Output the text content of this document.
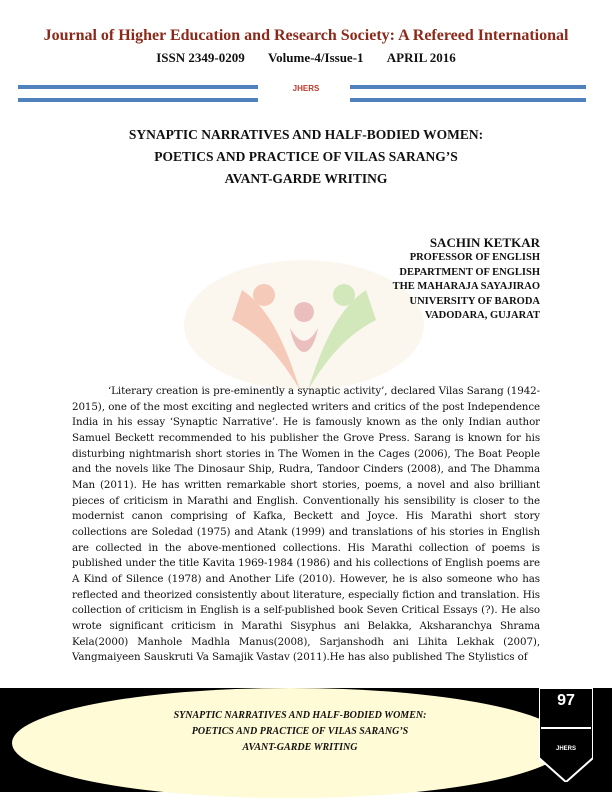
Journal of Higher Education and Research Society: A Refereed International
ISSN 2349-0209 Volume-4/Issue-1 APRIL 2016
JHERS
SYNAPTIC NARRATIVES AND HALF-BODIED WOMEN:
POETICS AND PRACTICE OF VILAS SARANG’S
AVANT-GARDE WRITING
SACHIN KETKAR
PROFESSOR OF ENGLISH
DEPARTMENT OF ENGLISH
THE MAHARAJA SAYAJIRAO
UNIVERSITY OF BARODA
VADODARA, GUJARAT

‘Literary creation is pre-eminently a synaptic activity’, declared Vilas Sarang (1942-2015), one of the most exciting and neglected writers and critics of the post Independence India in his essay ‘Synaptic Narrative’. He is famously known as the only Indian author Samuel Beckett recommended to his publisher the Grove Press. Sarang is known for his disturbing nightmarish short stories in The Women in the Cages (2006), The Boat People and the novels like The Dinosaur Ship, Rudra, Tandoor Cinders (2008), and The Dhamma Man (2011). He has written remarkable short stories, poems, a novel and also brilliant pieces of criticism in Marathi and English. Conventionally his sensibility is closer to the modernist canon comprising of Kafka, Beckett and Joyce. His Marathi short story collections are Soledad (1975) and Atank (1999) and translations of his stories in English are collected in the above-mentioned collections. His Marathi collection of poems is published under the title Kavita 1969-1984 (1986) and his collections of English poems are A Kind of Silence (1978) and Another Life (2010). However, he is also someone who has reflected and theorized consistently about literature, especially fiction and translation. His collection of criticism in English is a self-published book Seven Critical Essays (?). He also wrote significant criticism in Marathi Sisyphus ani Belakka, Aksharanchya Shrama Kela(2000) Manhole Madhla Manus(2008), Sarjanshodh ani Lihita Lekhak (2007), Vangmaiyeen Sauskruti Va Samajik Vastav (2011).He has also published The Stylistics of

SYNAPTIC NARRATIVES AND HALF-BODIED WOMEN:
POETICS AND PRACTICE OF VILAS SARANG’S
AVANT-GARDE WRITING
97
JHERS
